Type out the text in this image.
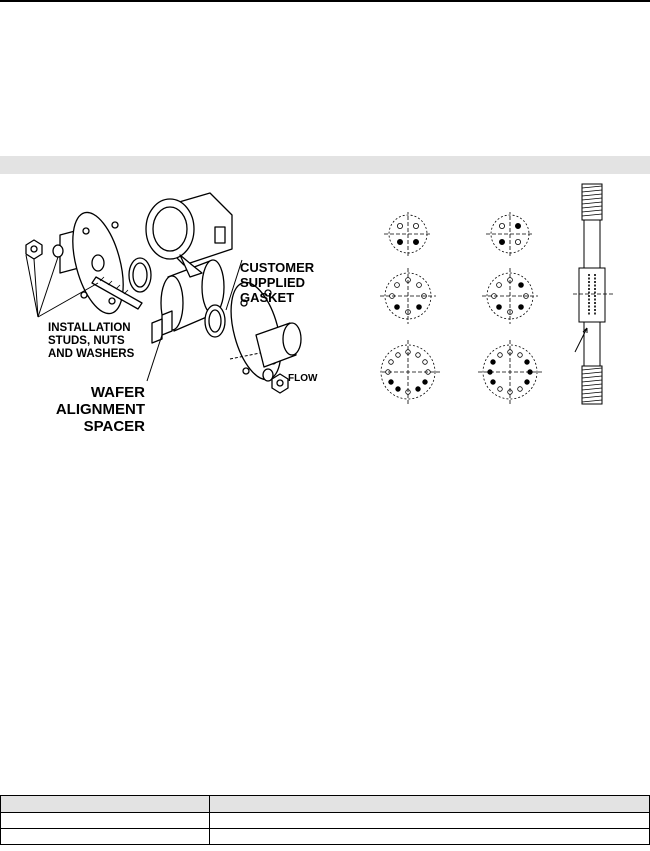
CUSTOMER
SUPPLIED
GASKET
INSTALLATION
STUDS, NUTS
AND WASHERS
WAFER
ALIGNMENT
SPACER
FLOW
